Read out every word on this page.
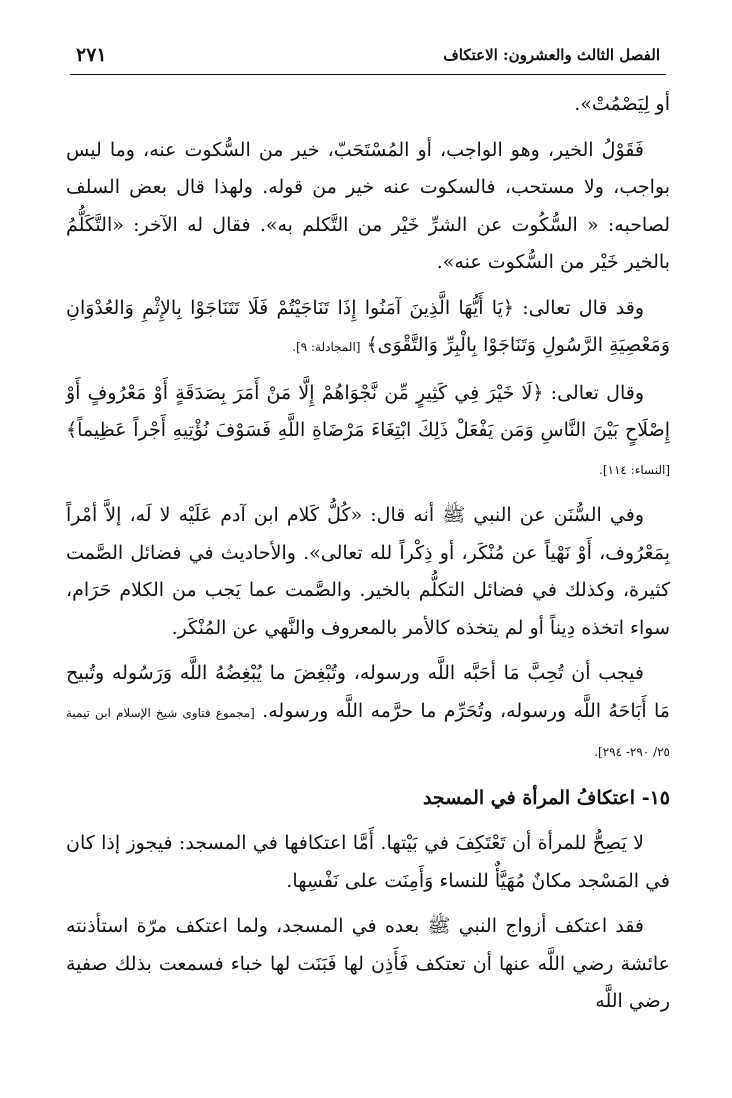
الفصل الثالث والعشرون: الاعتكاف
٢٧١

أو لِيَصْمُتْ».

فَقَوْلُ الخير، وهو الواجب، أو المُسْتَحَبّ، خير من السُّكوت عنه، وما ليس بواجب، ولا مستحب، فالسكوت عنه خير من قوله. ولهذا قال بعض السلف لصاحبه: « السُّكُوت عن الشرِّ خَيْر من التَّكلم به». فقال له الآخر: «التَّكَلُّمُ بالخير خَيْر من السُّكوت عنه».

وقد قال تعالى: ﴿يَا أَيُّهَا الَّذِينَ آمَنُوا إِذَا تَنَاجَيْتُمْ فَلَا تَتَنَاجَوْا بِالإِثْمِ وَالعُدْوَانِ وَمَعْصِيَةِ الرَّسُولِ وَتَنَاجَوْا بِالْبِرِّ وَالتَّقْوَى﴾ [المجادلة: ٩].

وقال تعالى: ﴿لَا خَيْرَ فِي كَثِيرٍ مِّن نَّجْوَاهُمْ إِلَّا مَنْ أَمَرَ بِصَدَقَةٍ أَوْ مَعْرُوفٍ أَوْ إِصْلَاحٍ بَيْنَ النَّاسِ وَمَن يَفْعَلْ ذَلِكَ ابْتِغَاءَ مَرْضَاةِ اللَّهِ فَسَوْفَ نُؤْتِيهِ أَجْراً عَظِيماً﴾ [النساء: ١١٤].

وفي السُّنَن عن النبي ﷺ أنه قال: «كُلُّ كَلام ابن آدم عَلَيْه لا لَه، إلاَّ أمْراً بِمَعْرُوف، أَوْ نَهْياً عن مُنْكَر، أو ذِكْراً لله تعالى». والأحاديث في فضائل الصَّمت كثيرة، وكذلك في فضائل التكلُّم بالخير. والصَّمت عما يَجب من الكلام حَرَام، سواء اتخذه دِيناً أو لم يتخذه كالأمر بالمعروف والنَّهي عن المُنْكَر.

فيجب أن تُحِبَّ مَا أحَبَّه اللَّه ورسوله، وتُبْغِضَ ما يُبْغِضُهُ اللَّه وَرَسُوله وتُبيح مَا أَبَاحَهُ اللَّه ورسوله، وتُحَرِّم ما حرَّمه اللَّه ورسوله. [مجموع فتاوى شيخ الإسلام ابن تيمية ٢٥/ ٢٩٠- ٢٩٤].

١٥- اعتكافُ المرأة في المسجد

لا يَصِحُّ للمرأة أن تَعْتَكِفَ في بَيْتها. أَمَّا اعتكافها في المسجد: فيجوز إذا كان في المَسْجد مكانٌ مُهَيَّأٌ للنساء وَأَمِنَت على نَفْسِها.

فقد اعتكف أزواج النبي ﷺ بعده في المسجد، ولما اعتكف مرّة استأذنته عائشة رضي اللَّه عنها أن تعتكف فَأَذِن لها فَبَنَت لها خباء فسمعت بذلك صفية رضي اللَّه
